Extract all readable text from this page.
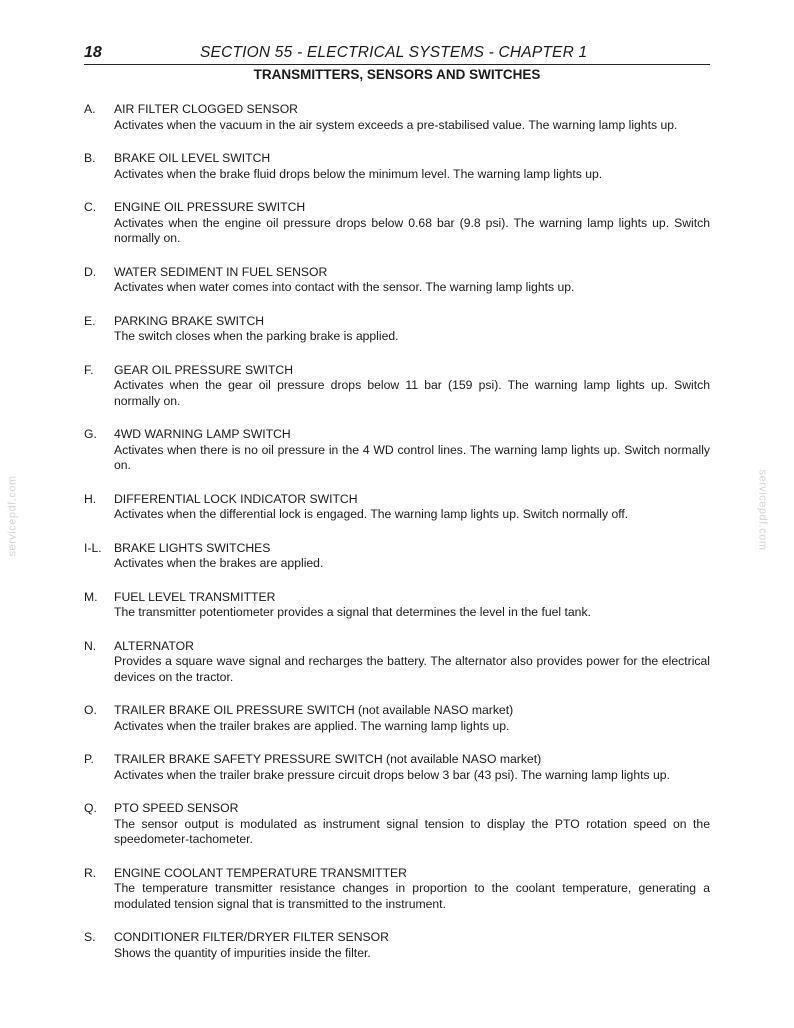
18	SECTION 55 - ELECTRICAL SYSTEMS - CHAPTER 1
TRANSMITTERS, SENSORS AND SWITCHES
A.	AIR FILTER CLOGGED SENSOR
Activates when the vacuum in the air system exceeds a pre-stabilised value. The warning lamp lights up.
B.	BRAKE OIL LEVEL SWITCH
Activates when the brake fluid drops below the minimum level. The warning lamp lights up.
C.	ENGINE OIL PRESSURE SWITCH
Activates when the engine oil pressure drops below 0.68 bar (9.8 psi). The warning lamp lights up. Switch normally on.
D.	WATER SEDIMENT IN FUEL SENSOR
Activates when water comes into contact with the sensor. The warning lamp lights up.
E.	PARKING BRAKE SWITCH
The switch closes when the parking brake is applied.
F.	GEAR OIL PRESSURE SWITCH
Activates when the gear oil pressure drops below 11 bar (159 psi). The warning lamp lights up. Switch normally on.
G.	4WD WARNING LAMP SWITCH
Activates when there is no oil pressure in the 4 WD control lines. The warning lamp lights up. Switch normally on.
H.	DIFFERENTIAL LOCK INDICATOR SWITCH
Activates when the differential lock is engaged. The warning lamp lights up. Switch normally off.
I-L.	BRAKE LIGHTS SWITCHES
Activates when the brakes are applied.
M.	FUEL LEVEL TRANSMITTER
The transmitter potentiometer provides a signal that determines the level in the fuel tank.
N.	ALTERNATOR
Provides a square wave signal and recharges the battery. The alternator also provides power for the electrical devices on the tractor.
O.	TRAILER BRAKE OIL PRESSURE SWITCH (not available NASO market)
Activates when the trailer brakes are applied. The warning lamp lights up.
P.	TRAILER BRAKE SAFETY PRESSURE SWITCH (not available NASO market)
Activates when the trailer brake pressure circuit drops below 3 bar (43 psi). The warning lamp lights up.
Q.	PTO SPEED SENSOR
The sensor output is modulated as instrument signal tension to display the PTO rotation speed on the speedometer-tachometer.
R.	ENGINE COOLANT TEMPERATURE TRANSMITTER
The temperature transmitter resistance changes in proportion to the coolant temperature, generating a modulated tension signal that is transmitted to the instrument.
S.	CONDITIONER FILTER/DRYER FILTER SENSOR
Shows the quantity of impurities inside the filter.
servicepdf.com	servicepdf.com
